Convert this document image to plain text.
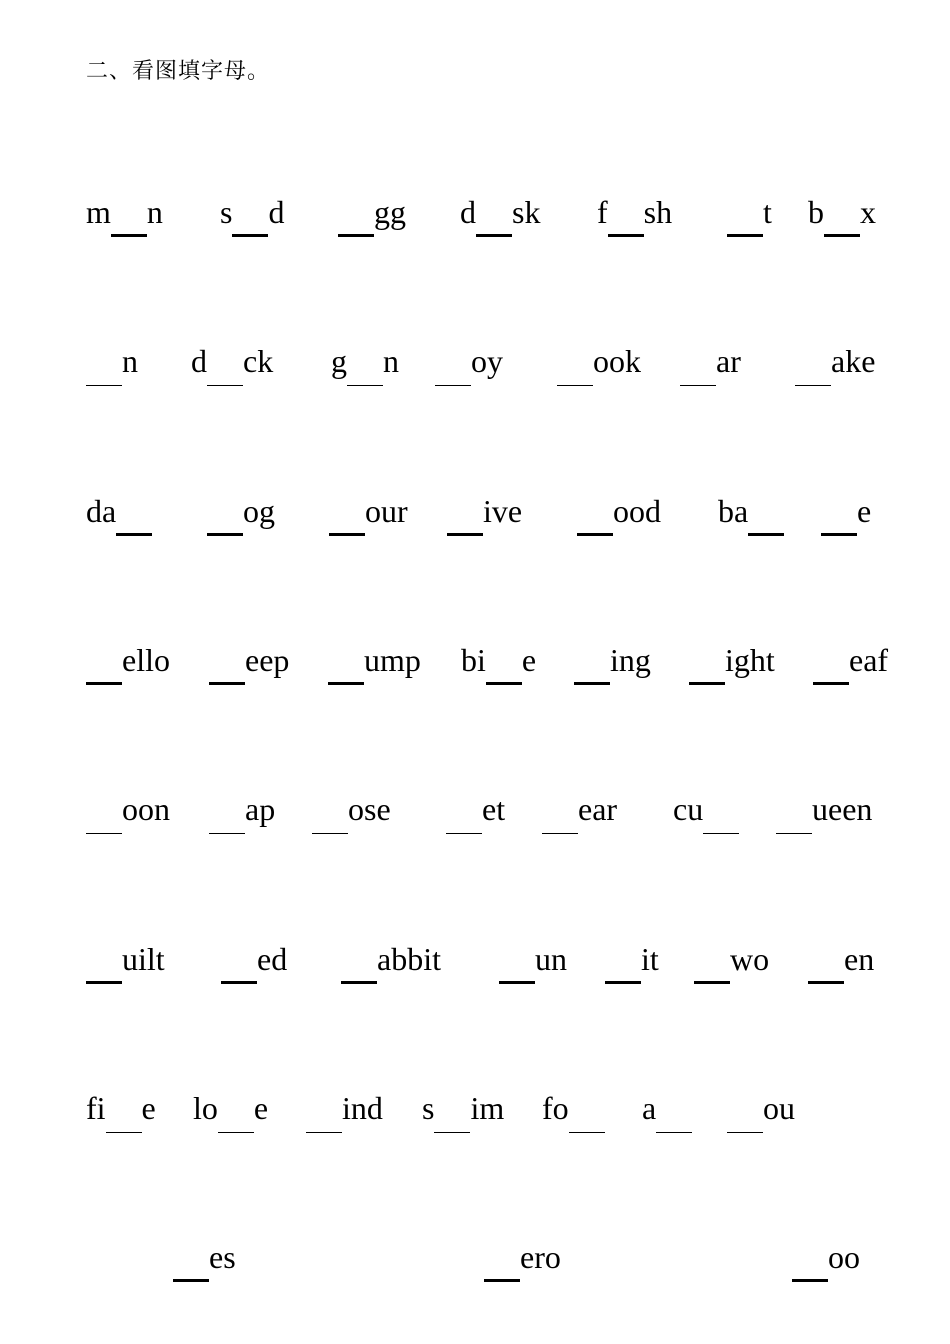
二、看图填字母。
m n s d	gg d sk f sh	t b x
n d ck g n	oy	ook	ar	ake
da	og	our	ive	ood ba	e
ello	eep	ump bi e	ing	ight	eaf
oon	ap	ose	et	ear cu	ueen
uilt	ed	abbit	un	it	wo	en
fi e lo e	ind s im fo	a	ou
es	ero	oo
